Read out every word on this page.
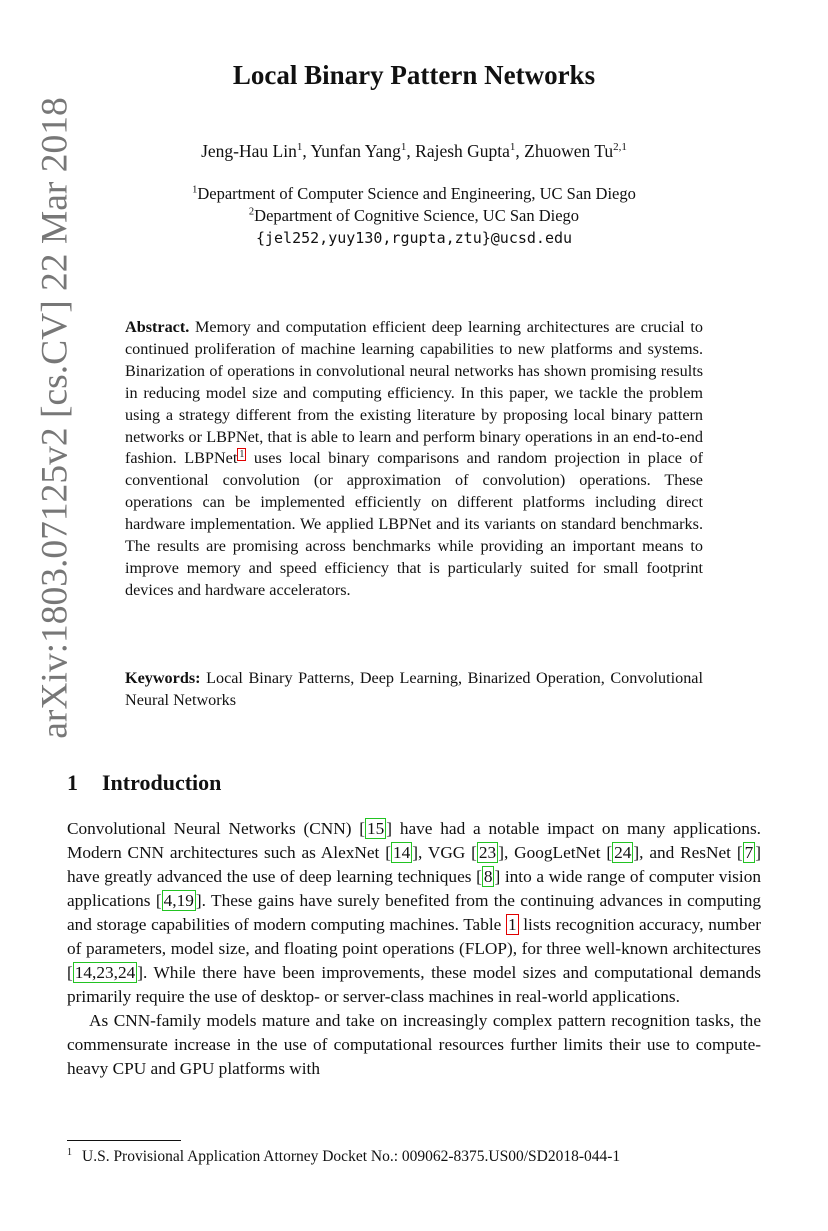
arXiv:1803.07125v2 [cs.CV] 22 Mar 2018
Local Binary Pattern Networks
Jeng-Hau Lin$^1$, Yunfan Yang$^1$, Rajesh Gupta$^1$, Zhuowen Tu$^{2,1}$
$^1$Department of Computer Science and Engineering, UC San Diego
$^2$Department of Cognitive Science, UC San Diego
{jel252,yuy130,rgupta,ztu}@ucsd.edu
Abstract. Memory and computation efficient deep learning architectures are crucial to continued proliferation of machine learning capabilities to new platforms and systems. Binarization of operations in convolutional neural networks has shown promising results in reducing model size and computing efficiency. In this paper, we tackle the problem using a strategy different from the existing literature by proposing local binary pattern networks or LBPNet, that is able to learn and perform binary operations in an end-to-end fashion. LBPNet $^1$ uses local binary comparisons and random projection in place of conventional convolution (or approximation of convolution) operations. These operations can be implemented efficiently on different platforms including direct hardware implementation. We applied LBPNet and its variants on standard benchmarks. The results are promising across benchmarks while providing an important means to improve memory and speed efficiency that is particularly suited for small footprint devices and hardware accelerators.
Keywords: Local Binary Patterns, Deep Learning, Binarized Operation, Convolutional Neural Networks
1 Introduction

Convolutional Neural Networks (CNN) [ 15 ] have had a notable impact on many applications. Modern CNN architectures such as AlexNet [ 14 ], VGG [ 23 ], GoogLetNet [ 24 ], and ResNet [ 7 ] have greatly advanced the use of deep learning techniques [ 8 ] into a wide range of computer vision applications [ 4,19 ]. These gains have surely benefited from the continuing advances in computing and storage capabilities of modern computing machines. Table 1 lists recognition accuracy, number of parameters, model size, and floating point operations (FLOP), for three well-known architectures [ 14,23,24 ]. While there have been improvements, these model sizes and computational demands primarily require the use of desktop- or server-class machines in real-world applications.

As CNN-family models mature and take on increasingly complex pattern recognition tasks, the commensurate increase in the use of computational resources further limits their use to compute-heavy CPU and GPU platforms with

$^1$ U.S. Provisional Application Attorney Docket No.: 009062-8375.US00/SD2018-044-1
